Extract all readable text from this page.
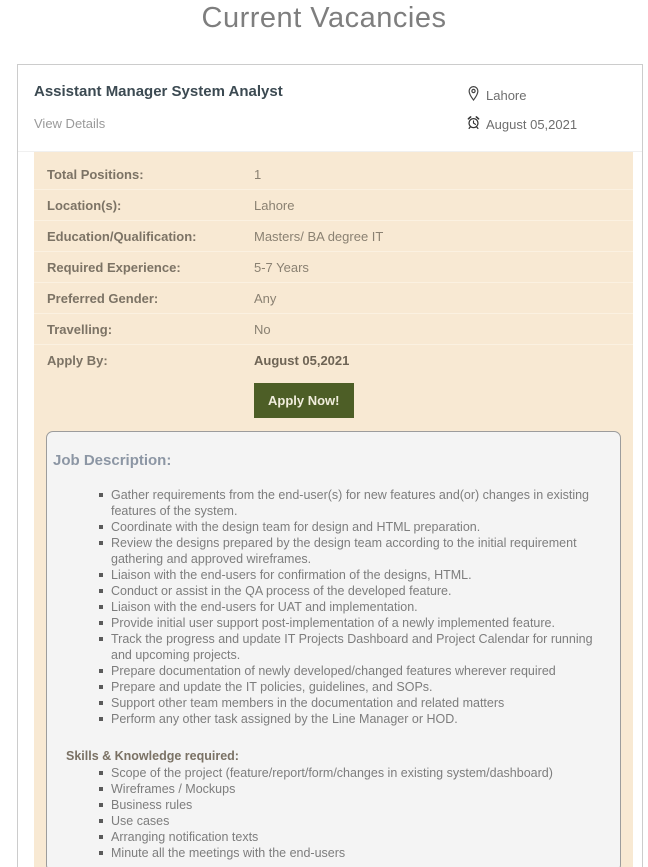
Current Vacancies
Assistant Manager System Analyst
View Details
Lahore
August 05,2021
Total Positions:	1
Location(s):	Lahore
Education/Qualification:	Masters/ BA degree IT
Required Experience:	5-7 Years
Preferred Gender:	Any
Travelling:	No
Apply By:	August 05,2021
Apply Now!
Job Description:
Gather requirements from the end-user(s) for new features and(or) changes in existing features of the system.
Coordinate with the design team for design and HTML preparation.
Review the designs prepared by the design team according to the initial requirement gathering and approved wireframes.
Liaison with the end-users for confirmation of the designs, HTML.
Conduct or assist in the QA process of the developed feature.
Liaison with the end-users for UAT and implementation.
Provide initial user support post-implementation of a newly implemented feature.
Track the progress and update IT Projects Dashboard and Project Calendar for running and upcoming projects.
Prepare documentation of newly developed/changed features wherever required
Prepare and update the IT policies, guidelines, and SOPs.
Support other team members in the documentation and related matters
Perform any other task assigned by the Line Manager or HOD.
Skills & Knowledge required:
Scope of the project (feature/report/form/changes in existing system/dashboard)
Wireframes / Mockups
Business rules
Use cases
Arranging notification texts
Minute all the meetings with the end-users
